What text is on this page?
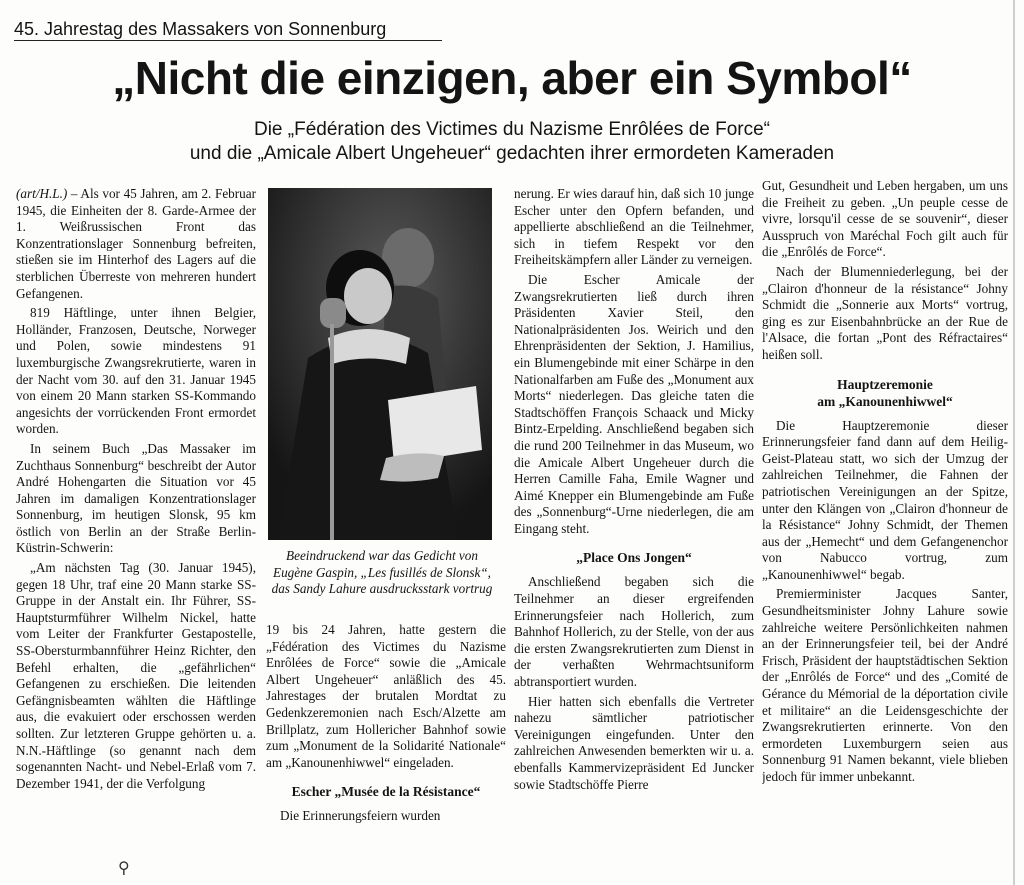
45. Jahrestag des Massakers von Sonnenburg
„Nicht die einzigen, aber ein Symbol“
Die „Fédération des Victimes du Nazisme Enrôlées de Force“
und die „Amicale Albert Ungeheuer“ gedachten ihrer ermordeten Kameraden

(art/H.L.) – Als vor 45 Jahren, am 2. Februar 1945, die Einheiten der 8. Garde-Armee der 1. Weißrussischen Front das Konzentrationslager Sonnenburg befreiten, stießen sie im Hinterhof des Lagers auf die sterblichen Überreste von mehreren hundert Gefangenen.

819 Häftlinge, unter ihnen Belgier, Holländer, Franzosen, Deutsche, Norweger und Polen, sowie mindestens 91 luxemburgische Zwangsrekrutierte, waren in der Nacht vom 30. auf den 31. Januar 1945 von einem 20 Mann starken SS-Kommando angesichts der vorrückenden Front ermordet worden.

In seinem Buch „Das Massaker im Zuchthaus Sonnenburg“ beschreibt der Autor André Hohengarten die Situation vor 45 Jahren im damaligen Konzentrationslager Sonnenburg, im heutigen Slonsk, 95 km östlich von Berlin an der Straße Berlin-Küstrin-Schwerin:

„Am nächsten Tag (30. Januar 1945), gegen 18 Uhr, traf eine 20 Mann starke SS-Gruppe in der Anstalt ein. Ihr Führer, SS-Hauptsturmführer Wilhelm Nickel, hatte vom Leiter der Frankfurter Gestapostelle, SS-Obersturmbannführer Heinz Richter, den Befehl erhalten, die „gefährlichen“ Gefangenen zu erschießen. Die leitenden Gefängnisbeamten wählten die Häftlinge aus, die evakuiert oder erschossen werden sollten. Zur letzteren Gruppe gehörten u. a. N.N.-Häftlinge (so genannt nach dem sogenannten Nacht- und Nebel-Erlaß vom 7. Dezember 1941, der die Verfolgung

Beeindruckend war das Gedicht von Eugène Gaspin, „Les fusillés de Slonsk“, das Sandy Lahure ausdrucksstark vortrug

19 bis 24 Jahren, hatte gestern die „Fédération des Victimes du Nazisme Enrôlées de Force“ sowie die „Amicale Albert Ungeheuer“ anläßlich des 45. Jahrestages der brutalen Mordtat zu Gedenkzeremonien nach Esch/Alzette am Brillplatz, zum Hollericher Bahnhof sowie zum „Monument de la Solidarité Nationale“ am „Kanounenhiwwel“ eingeladen.

Escher „Musée de la Résistance“

Die Erinnerungsfeiern wurden

nerung. Er wies darauf hin, daß sich 10 junge Escher unter den Opfern befanden, und appellierte abschließend an die Teilnehmer, sich in tiefem Respekt vor den Freiheitskämpfern aller Länder zu verneigen.

Die Escher Amicale der Zwangsrekrutierten ließ durch ihren Präsidenten Xavier Steil, den Nationalpräsidenten Jos. Weirich und den Ehrenpräsidenten der Sektion, J. Hamilius, ein Blumengebinde mit einer Schärpe in den Nationalfarben am Fuße des „Monument aux Morts“ niederlegen. Das gleiche taten die Stadtschöffen François Schaack und Micky Bintz-Erpelding. Anschließend begaben sich die rund 200 Teilnehmer in das Museum, wo die Amicale Albert Ungeheuer durch die Herren Camille Faha, Emile Wagner und Aimé Knepper ein Blumengebinde am Fuße des „Sonnenburg“-Urne niederlegen, die am Eingang steht.

„Place Ons Jongen“

Anschließend begaben sich die Teilnehmer an dieser ergreifenden Erinnerungsfeier nach Hollerich, zum Bahnhof Hollerich, zu der Stelle, von der aus die ersten Zwangsrekrutierten zum Dienst in der verhaßten Wehrmachtsuniform abtransportiert wurden.

Hier hatten sich ebenfalls die Vertreter nahezu sämtlicher patriotischer Vereinigungen eingefunden. Unter den zahlreichen Anwesenden bemerkten wir u. a. ebenfalls Kammervizepräsident Ed Juncker sowie Stadtschöffe Pierre

Gut, Gesundheit und Leben hergaben, um uns die Freiheit zu geben. „Un peuple cesse de vivre, lorsqu'il cesse de se souvenir“, dieser Ausspruch von Maréchal Foch gilt auch für die „Enrôlés de Force“.

Nach der Blumenniederlegung, bei der „Clairon d'honneur de la résistance“ Johny Schmidt die „Sonnerie aux Morts“ vortrug, ging es zur Eisenbahnbrücke an der Rue de l'Alsace, die fortan „Pont des Réfractaires“ heißen soll.

Hauptzeremonie
am „Kanounenhiwwel“

Die Hauptzeremonie dieser Erinnerungsfeier fand dann auf dem Heilig-Geist-Plateau statt, wo sich der Umzug der zahlreichen Teilnehmer, die Fahnen der patriotischen Vereinigungen an der Spitze, unter den Klängen von „Clairon d'honneur de la Résistance“ Johny Schmidt, der Themen aus der „Hemecht“ und dem Gefangenenchor von Nabucco vortrug, zum „Kanounenhiwwel“ begab.

Premierminister Jacques Santer, Gesundheitsminister Johny Lahure sowie zahlreiche weitere Persönlichkeiten nahmen an der Erinnerungsfeier teil, bei der André Frisch, Präsident der hauptstädtischen Sektion der „Enrôlés de Force“ und des „Comité de Gérance du Mémorial de la déportation civile et militaire“ an die Leidensgeschichte der Zwangsrekrutierten erinnerte. Von den ermordeten Luxemburgern seien aus Sonnenburg 91 Namen bekannt, viele blieben jedoch für immer unbekannt.

⚲
